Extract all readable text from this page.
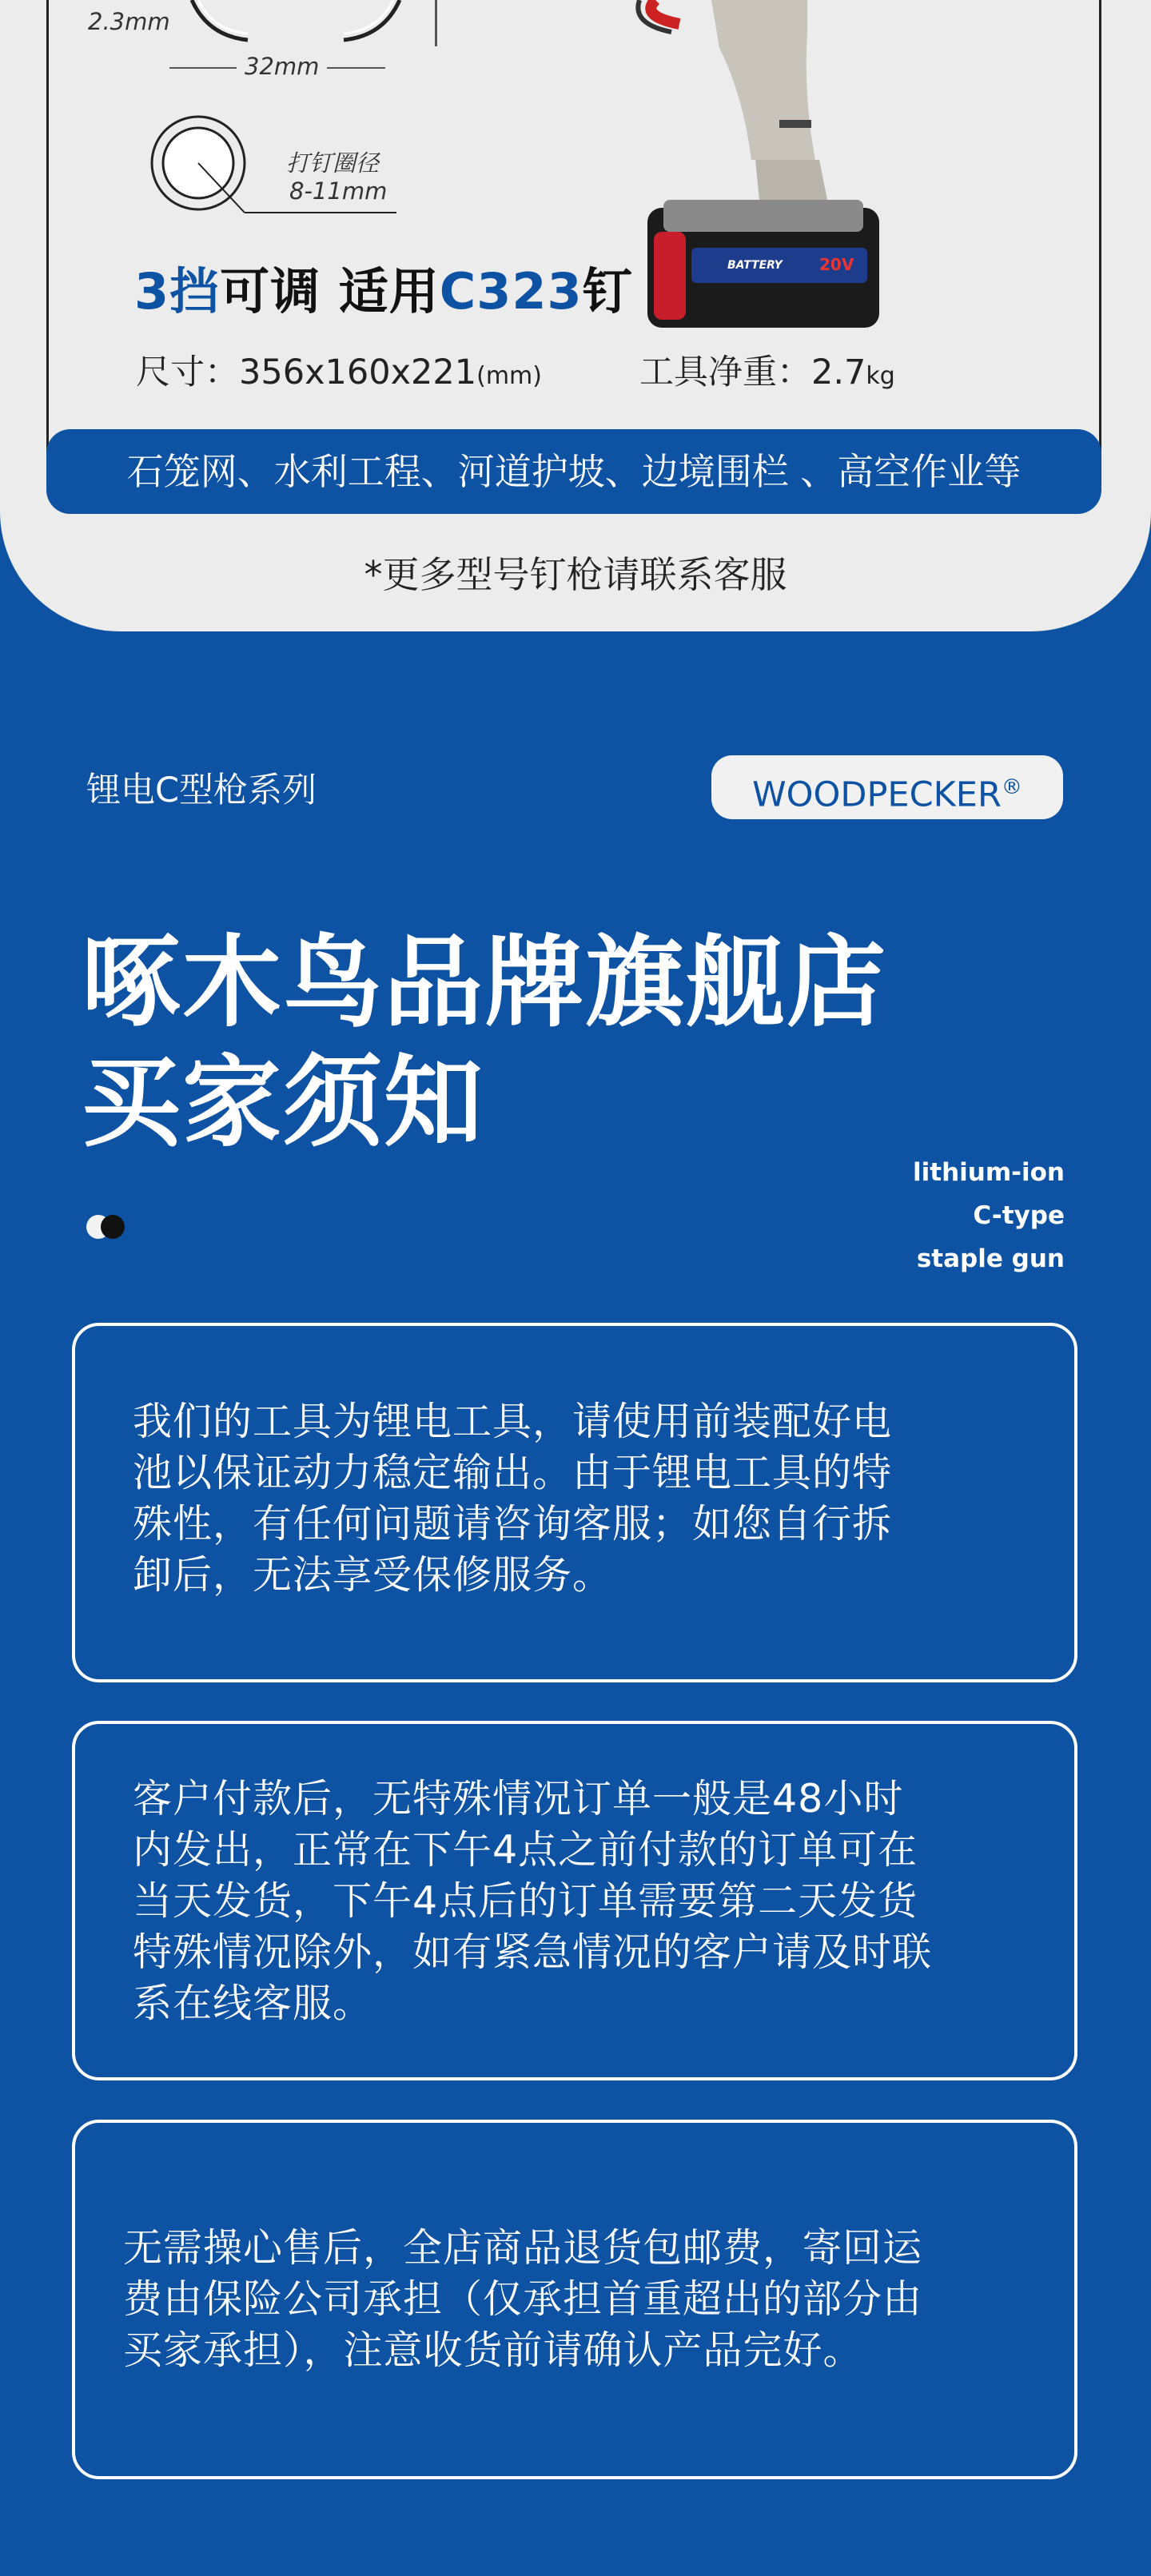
2.3mm
32mm
打钉圈径
8-11mm
BATTERY 20V
3挡可调 适用C323钉
尺寸：356x160x221(mm)	工具净重：2.7kg
石笼网、水利工程、河道护坡、边境围栏 、高空作业等
*更多型号钉枪请联系客服
锂电C型枪系列	WOODPECKER®
啄木鸟品牌旗舰店
买家须知
lithium-ion
C-type
staple gun

我们的工具为锂电工具，请使用前装配好电

池以保证动力稳定输出。由于锂电工具的特

殊性，有任何问题请咨询客服；如您自行拆

卸后，无法享受保修服务。

客户付款后，无特殊情况订单一般是48小时

内发出，正常在下午4点之前付款的订单可在

当天发货，下午4点后的订单需要第二天发货

特殊情况除外，如有紧急情况的客户请及时联

系在线客服。

无需操心售后，全店商品退货包邮费，寄回运

费由保险公司承担（仅承担首重超出的部分由

买家承担），注意收货前请确认产品完好。
